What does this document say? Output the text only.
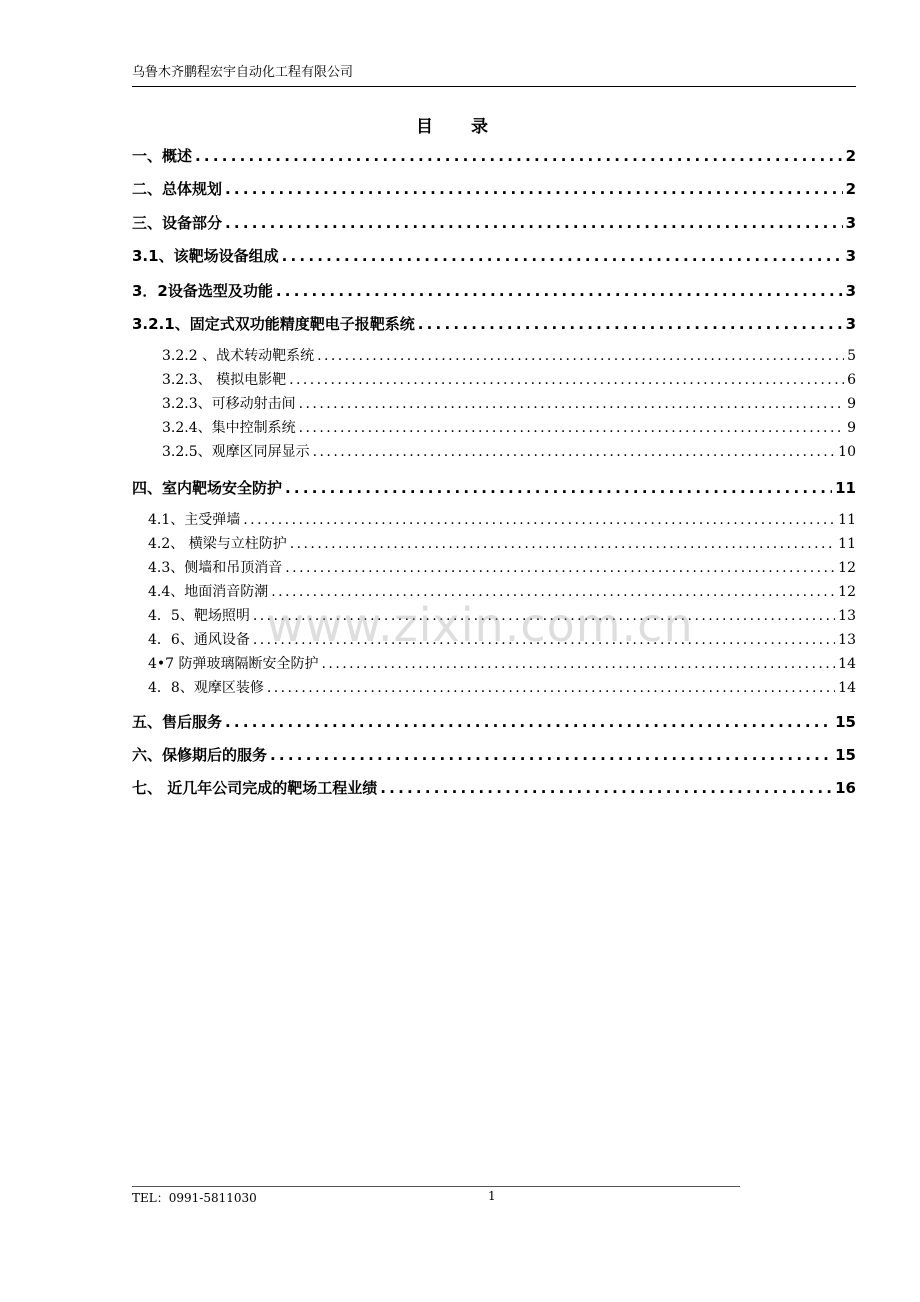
乌鲁木齐鹏程宏宇自动化工程有限公司
目 录
一、概述 . . .	2
二、总体规划 . . .	2
三、设备部分 . . .	3
3.1、该靶场设备组成 . . .	3
3．2设备选型及功能 . . .	3
3.2.1、固定式双功能精度靶电子报靶系统 . . .	3
3.2.2 、战术转动靶系统 . . .	5
3.2.3、 模拟电影靶 . . .	6
3.2.3、可移动射击间 . . .	9
3.2.4、集中控制系统 . . .	9
3.2.5、观摩区同屏显示 . . .	10
四、室内靶场安全防护 . . .	11
4.1、主受弹墙 . . .	11
4.2、 横梁与立柱防护 . . .	11
4.3、侧墙和吊顶消音 . . .	12
4.4、地面消音防潮 . . .	12
4．5、靶场照明 . . .	13
4．6、通风设备 . . .	13
4•7 防弹玻璃隔断安全防护 . . .	14
4．8、观摩区装修 . . .	14
五、售后服务 . . .	15
六、保修期后的服务 . . .	15
七、 近几年公司完成的靶场工程业绩 . . .	16
www.zixin.com.cn
TEL：0991-5811030	1
